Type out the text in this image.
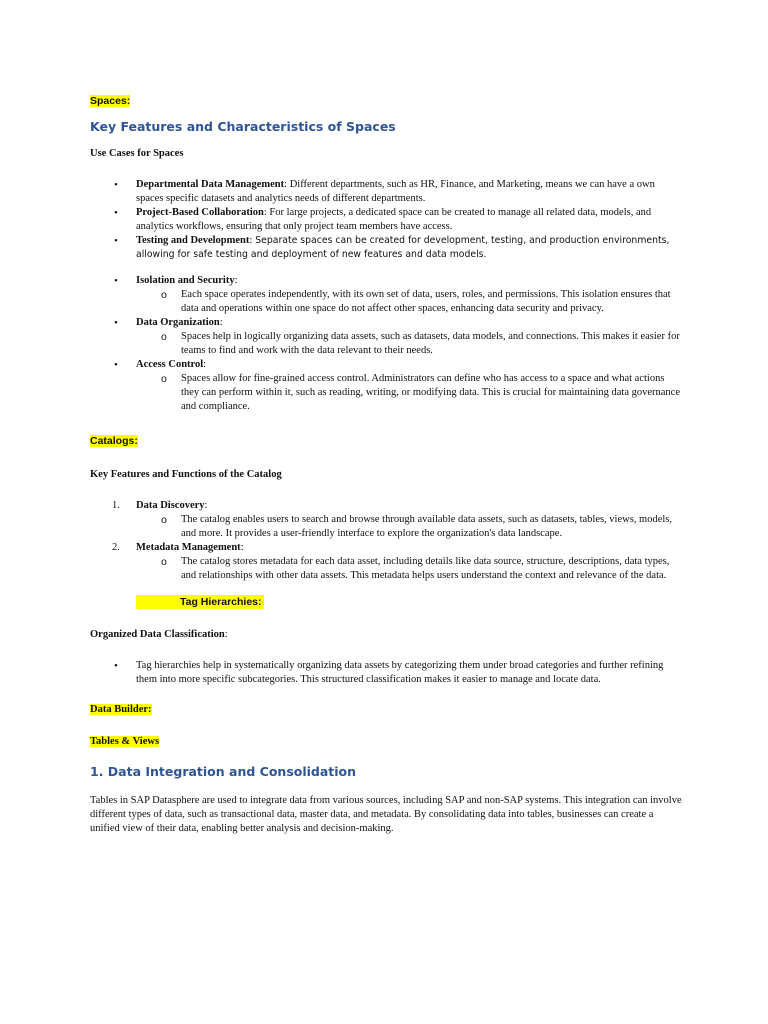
Spaces:
Key Features and Characteristics of Spaces

Use Cases for Spaces

• Departmental Data Management: Different departments, such as HR, Finance, and Marketing, means we can have a own spaces specific datasets and analytics needs of different departments.
• Project-Based Collaboration: For large projects, a dedicated space can be created to manage all related data, models, and analytics workflows, ensuring that only project team members have access.
• Testing and Development: Separate spaces can be created for development, testing, and production environments, allowing for safe testing and deployment of new features and data models.
• Isolation and Security:
o Each space operates independently, with its own set of data, users, roles, and permissions. This isolation ensures that data and operations within one space do not affect other spaces, enhancing data security and privacy.
• Data Organization:
o Spaces help in logically organizing data assets, such as datasets, data models, and connections. This makes it easier for teams to find and work with the data relevant to their needs.
• Access Control:
o Spaces allow for fine-grained access control. Administrators can define who has access to a space and what actions they can perform within it, such as reading, writing, or modifying data. This is crucial for maintaining data governance and compliance.
Catalogs:

Key Features and Functions of the Catalog

1. Data Discovery:
o The catalog enables users to search and browse through available data assets, such as datasets, tables, views, models, and more. It provides a user-friendly interface to explore the organization's data landscape.
2. Metadata Management:
o The catalog stores metadata for each data asset, including details like data source, structure, descriptions, data types, and relationships with other data assets. This metadata helps users understand the context and relevance of the data.
Tag Hierarchies:

Organized Data Classification:

• Tag hierarchies help in systematically organizing data assets by categorizing them under broad categories and further refining them into more specific subcategories. This structured classification makes it easier to manage and locate data.
Data Builder:
Tables & Views
1. Data Integration and Consolidation

Tables in SAP Datasphere are used to integrate data from various sources, including SAP and non-SAP systems. This integration can involve different types of data, such as transactional data, master data, and metadata. By consolidating data into tables, businesses can create a unified view of their data, enabling better analysis and decision-making.
